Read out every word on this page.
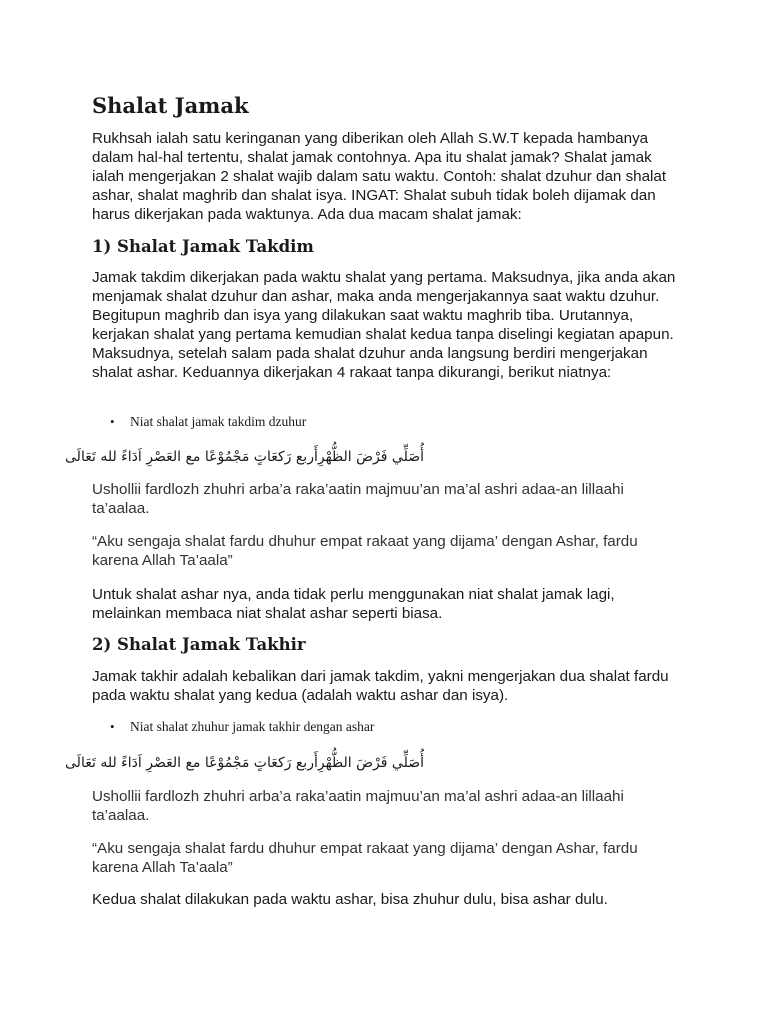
Shalat Jamak

Rukhsah ialah satu keringanan yang diberikan oleh Allah S.W.T kepada hambanya dalam hal-hal tertentu, shalat jamak contohnya. Apa itu shalat jamak? Shalat jamak ialah mengerjakan 2 shalat wajib dalam satu waktu. Contoh: shalat dzuhur dan shalat ashar, shalat maghrib dan shalat isya. INGAT: Shalat subuh tidak boleh dijamak dan harus dikerjakan pada waktunya. Ada dua macam shalat jamak:

1) Shalat Jamak Takdim

Jamak takdim dikerjakan pada waktu shalat yang pertama. Maksudnya, jika anda akan menjamak shalat dzuhur dan ashar, maka anda mengerjakannya saat waktu dzuhur. Begitupun maghrib dan isya yang dilakukan saat waktu maghrib tiba. Urutannya, kerjakan shalat yang pertama kemudian shalat kedua tanpa diselingi kegiatan apapun. Maksudnya, setelah salam pada shalat dzuhur anda langsung berdiri mengerjakan shalat ashar. Keduannya dikerjakan 4 rakaat tanpa dikurangi, berikut niatnya:

•	Niat shalat jamak takdim dzuhur

أُصَلِّي فَرْضَ الظُّهْرِأَربع رَكعَاتٍ مَجْمُوْعًا مع العَصْرِ اَدَاءً لله تَعَالَى

Ushollii fardlozh zhuhri arba’a raka’aatin majmuu’an ma’al ashri adaa-an lillaahi ta’aalaa.

“Aku sengaja shalat fardu dhuhur empat rakaat yang dijama’ dengan Ashar, fardu karena Allah Ta’aala”

Untuk shalat ashar nya, anda tidak perlu menggunakan niat shalat jamak lagi, melainkan membaca niat shalat ashar seperti biasa.

2) Shalat Jamak Takhir

Jamak takhir adalah kebalikan dari jamak takdim, yakni mengerjakan dua shalat fardu pada waktu shalat yang kedua (adalah waktu ashar dan isya).

•	Niat shalat zhuhur jamak takhir dengan ashar

أُصَلِّي فَرْضَ الظُّهْرِأَربع رَكعَاتٍ مَجْمُوْعًا مع العَصْرِ اَدَاءً لله تَعَالَى

Ushollii fardlozh zhuhri arba’a raka’aatin majmuu’an ma’al ashri adaa-an lillaahi ta’aalaa.

“Aku sengaja shalat fardu dhuhur empat rakaat yang dijama’ dengan Ashar, fardu karena Allah Ta’aala”

Kedua shalat dilakukan pada waktu ashar, bisa zhuhur dulu, bisa ashar dulu.
